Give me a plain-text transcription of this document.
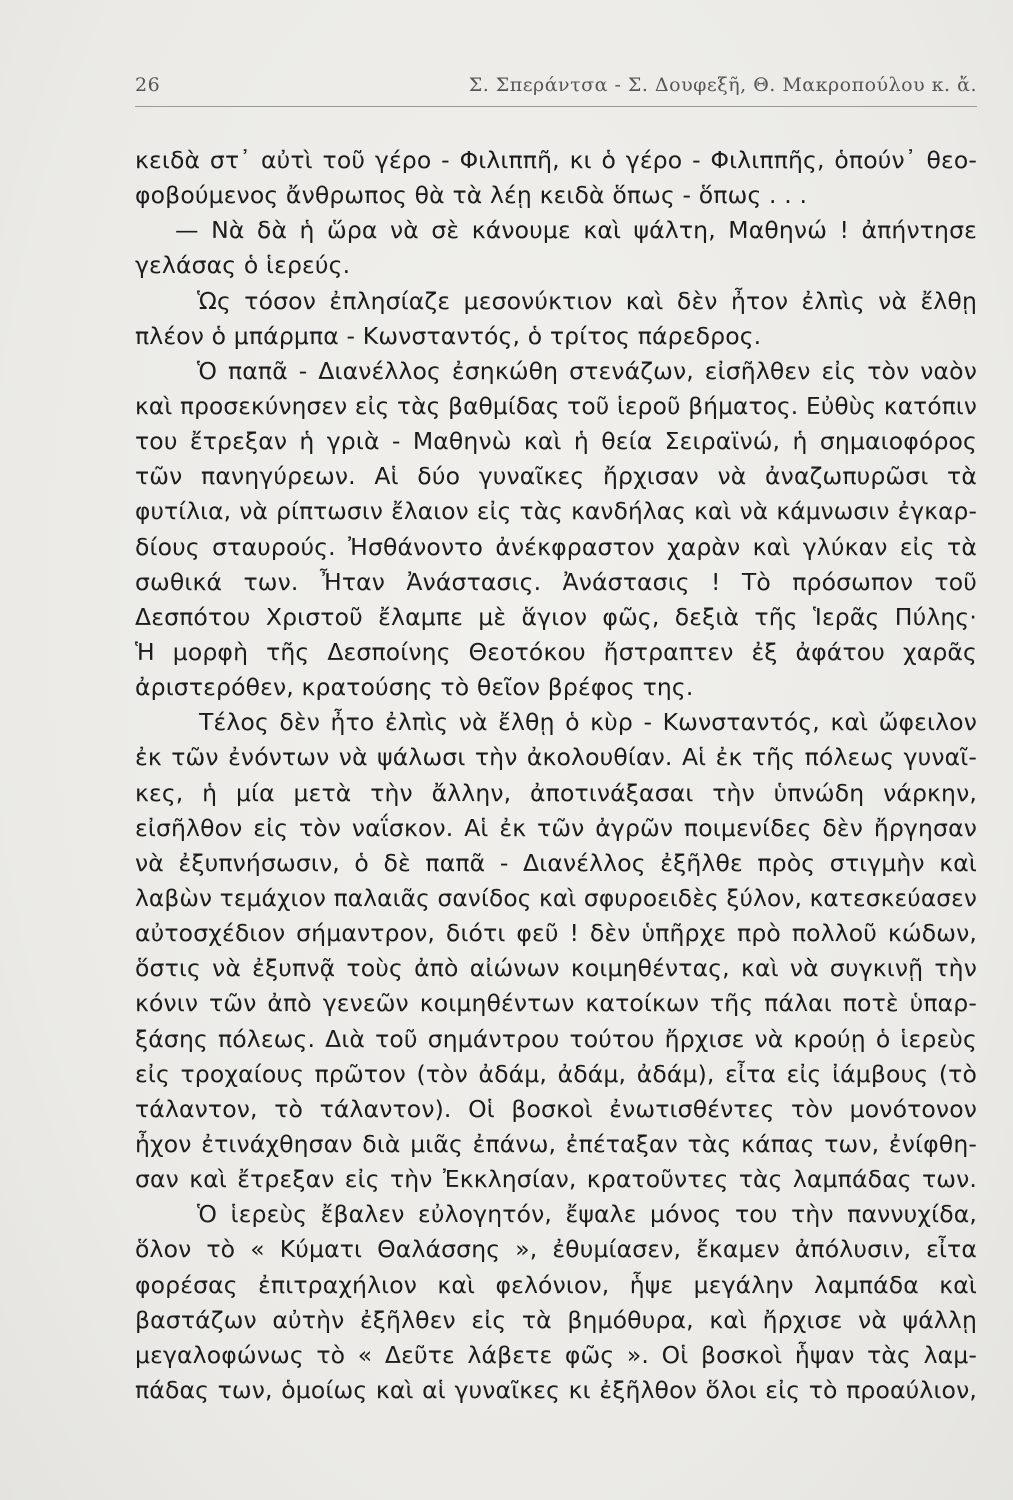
26	Σ. Σπεράντσα - Σ. Δουφεξῆ, Θ. Μακροπούλου κ. ἄ.
κειδὰ στ᾽ αὐτὶ τοῦ γέρο - Φιλιππῆ, κι ὁ γέρο - Φιλιππῆς, ὁπούν᾽ θεο-
φοβούμενος ἄνθρωπος θὰ τὰ λέῃ κειδὰ ὅπως - ὅπως . . .
— Νὰ δὰ ἡ ὥρα νὰ σὲ κάνουμε καὶ ψάλτη, Μαθηνώ ! ἀπήντησε
γελάσας ὁ ἱερεύς.
Ὡς τόσον ἐπλησίαζε μεσονύκτιον καὶ δὲν ἦτον ἐλπὶς νὰ ἔλθῃ
πλέον ὁ μπάρμπα - Κωνσταντός, ὁ τρίτος πάρεδρος.
Ὁ παπᾶ - Διανέλλος ἐσηκώθη στενάζων, εἰσῆλθεν εἰς τὸν ναὸν
καὶ προσεκύνησεν εἰς τὰς βαθμίδας τοῦ ἱεροῦ βήματος. Εὐθὺς κατόπιν
του ἔτρεξαν ἡ γριὰ - Μαθηνὼ καὶ ἡ θεία Σειραϊνώ, ἡ σημαιοφόρος
τῶν πανηγύρεων. Αἱ δύο γυναῖκες ἤρχισαν νὰ ἀναζωπυρῶσι τὰ
φυτίλια, νὰ ρίπτωσιν ἔλαιον εἰς τὰς κανδήλας καὶ νὰ κάμνωσιν ἐγκαρ-
δίους σταυρούς. Ἠσθάνοντο ἀνέκφραστον χαρὰν καὶ γλύκαν εἰς τὰ
σωθικά των. Ἦταν Ἀνάστασις. Ἀνάστασις ! Τὸ πρόσωπον τοῦ
Δεσπότου Χριστοῦ ἔλαμπε μὲ ἅγιον φῶς, δεξιὰ τῆς Ἱερᾶς Πύλης·
Ἡ μορφὴ τῆς Δεσποίνης Θεοτόκου ἤστραπτεν ἐξ ἀφάτου χαρᾶς
ἀριστερόθεν, κρατούσης τὸ θεῖον βρέφος της.
Τέλος δὲν ἦτο ἐλπὶς νὰ ἔλθῃ ὁ κὺρ - Κωνσταντός, καὶ ὤφειλον
ἐκ τῶν ἐνόντων νὰ ψάλωσι τὴν ἀκολουθίαν. Αἱ ἐκ τῆς πόλεως γυναῖ-
κες, ἡ μία μετὰ τὴν ἄλλην, ἀποτινάξασαι τὴν ὑπνώδη νάρκην,
εἰσῆλθον εἰς τὸν ναΐσκον. Αἱ ἐκ τῶν ἀγρῶν ποιμενίδες δὲν ἤργησαν
νὰ ἐξυπνήσωσιν, ὁ δὲ παπᾶ - Διανέλλος ἐξῆλθε πρὸς στιγμὴν καὶ
λαβὼν τεμάχιον παλαιᾶς σανίδος καὶ σφυροειδὲς ξύλον, κατεσκεύασεν
αὐτοσχέδιον σήμαντρον, διότι φεῦ ! δὲν ὑπῆρχε πρὸ πολλοῦ κώδων,
ὅστις νὰ ἐξυπνᾷ τοὺς ἀπὸ αἰώνων κοιμηθέντας, καὶ νὰ συγκινῇ τὴν
κόνιν τῶν ἀπὸ γενεῶν κοιμηθέντων κατοίκων τῆς πάλαι ποτὲ ὑπαρ-
ξάσης πόλεως. Διὰ τοῦ σημάντρου τούτου ἤρχισε νὰ κρούῃ ὁ ἱερεὺς
εἰς τροχαίους πρῶτον (τὸν ἀδάμ, ἀδάμ, ἀδάμ), εἶτα εἰς ἰάμβους (τὸ
τάλαντον, τὸ τάλαντον). Οἱ βοσκοὶ ἐνωτισθέντες τὸν μονότονον
ἦχον ἐτινάχθησαν διὰ μιᾶς ἐπάνω, ἐπέταξαν τὰς κάπας των, ἐνίφθη-
σαν καὶ ἔτρεξαν εἰς τὴν Ἐκκλησίαν, κρατοῦντες τὰς λαμπάδας των.
Ὁ ἱερεὺς ἔβαλεν εὐλογητόν, ἔψαλε μόνος του τὴν παννυχίδα,
ὅλον τὸ « Κύματι Θαλάσσης », ἐθυμίασεν, ἔκαμεν ἀπόλυσιν, εἶτα
φορέσας ἐπιτραχήλιον καὶ φελόνιον, ἧψε μεγάλην λαμπάδα καὶ
βαστάζων αὐτὴν ἐξῆλθεν εἰς τὰ βημόθυρα, καὶ ἤρχισε νὰ ψάλλῃ
μεγαλοφώνως τὸ « Δεῦτε λάβετε φῶς ». Οἱ βοσκοὶ ἧψαν τὰς λαμ-
πάδας των, ὁμοίως καὶ αἱ γυναῖκες κι ἐξῆλθον ὅλοι εἰς τὸ προαύλιον,
